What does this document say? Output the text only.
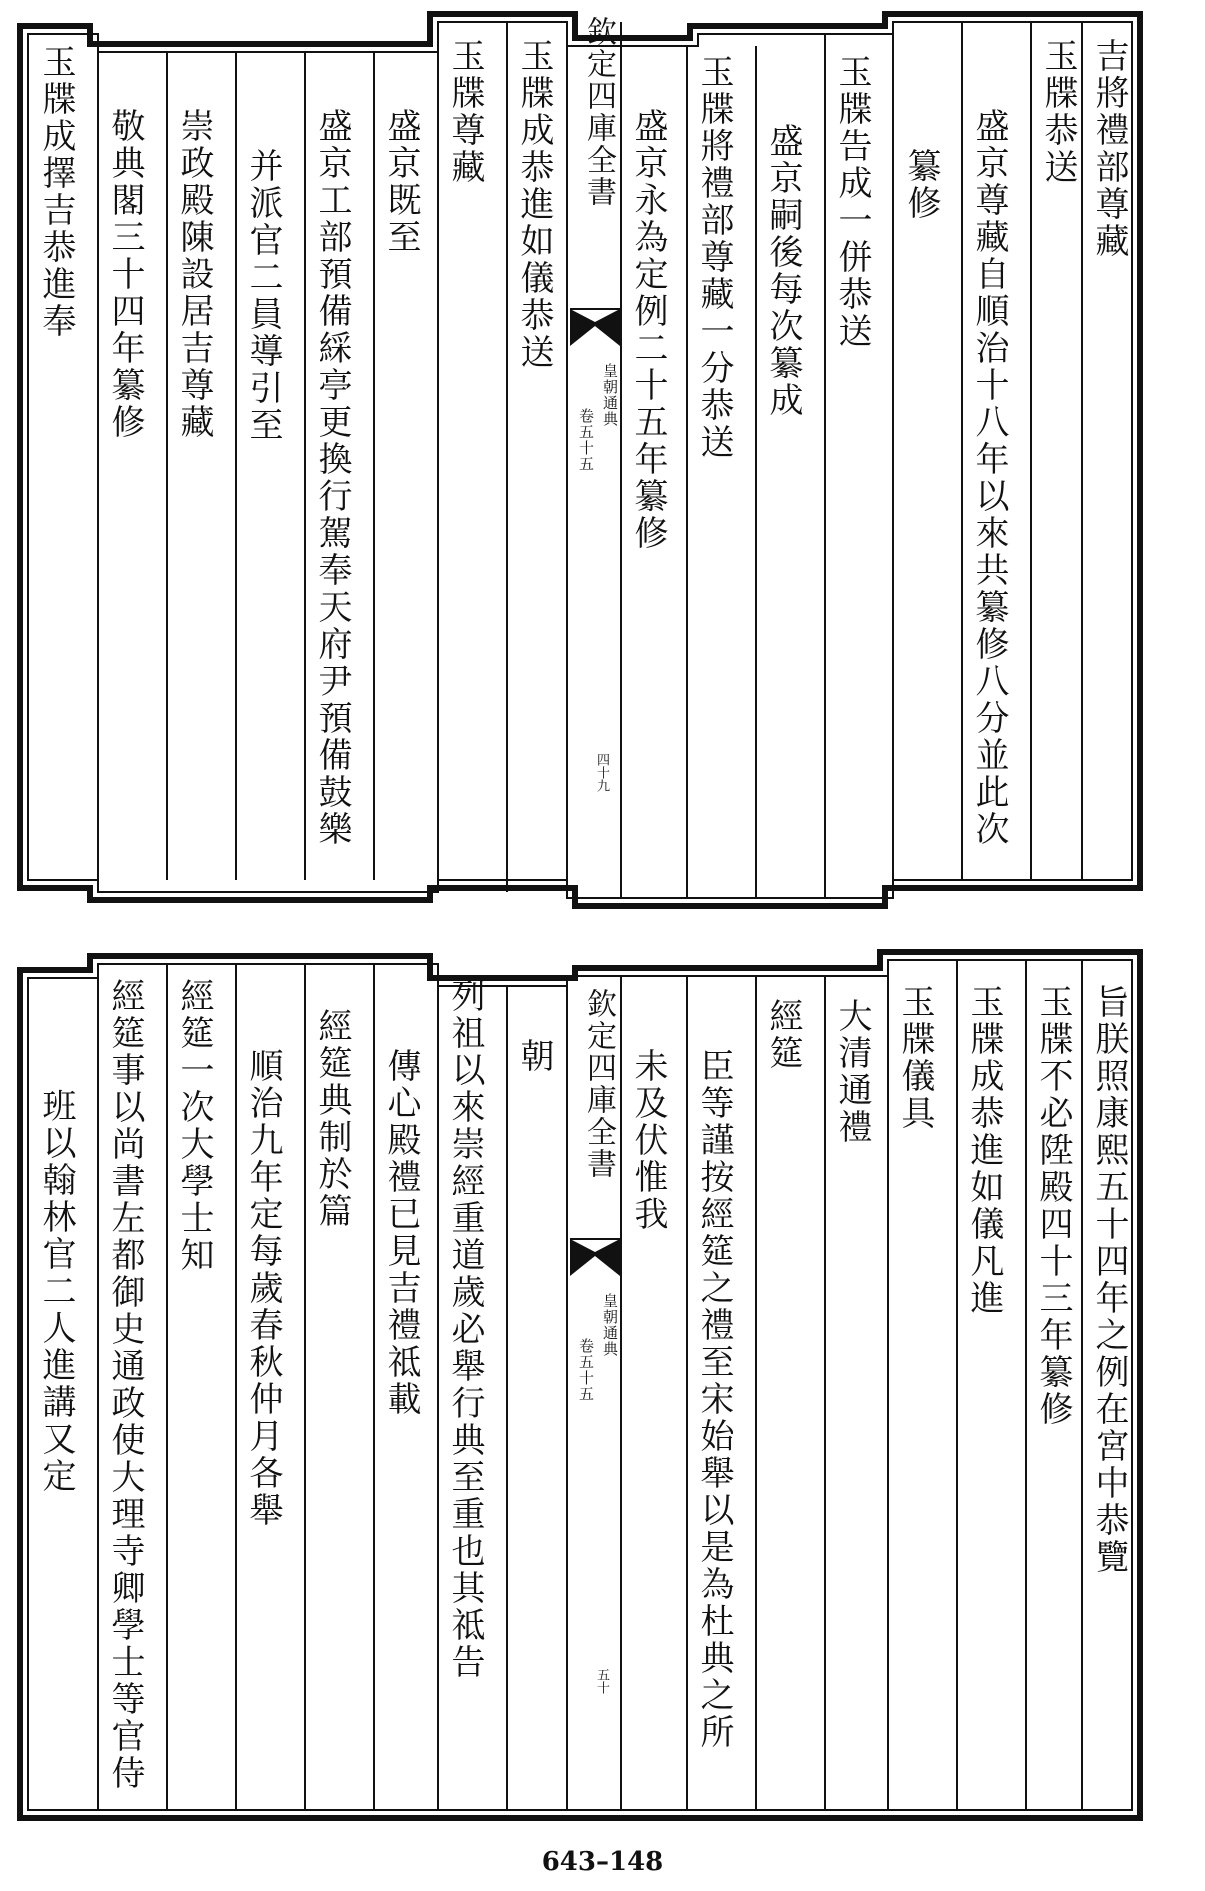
欽定四庫全書
皇朝通典
卷五十五
四十九
吉將禮部尊藏
玉牒恭送
盛京尊藏自順治十八年以來共纂修八分並此次
纂修
玉牒告成一併恭送
盛京嗣後每次纂成
玉牒將禮部尊藏一分恭送
盛京永為定例二十五年纂修
玉牒成恭進如儀恭送
玉牒尊藏
盛京既至
盛京工部預備綵亭更換行駕奉天府尹預備鼓樂
并派官二員導引至
崇政殿陳設居吉尊藏
敬典閣三十四年纂修
玉牒成擇吉恭進奉
欽定四庫全書
皇朝通典
卷五十五
五十
旨朕照康熙五十四年之例在宮中恭覽
玉牒不必陞殿四十三年纂修
玉牒成恭進如儀凡進
玉牒儀具
大清通禮
經筵
臣等謹按經筵之禮至宋始舉以是為杜典之所
未及伏惟我
朝
列祖以來崇經重道歲必舉行典至重也其祗告
傳心殿禮已見吉禮祗載
經筵典制於篇
順治九年定每歲春秋仲月各舉
經筵一次大學士知
經筵事以尚書左都御史通政使大理寺卿學士等官侍
班以翰林官二人進講又定
643–148
